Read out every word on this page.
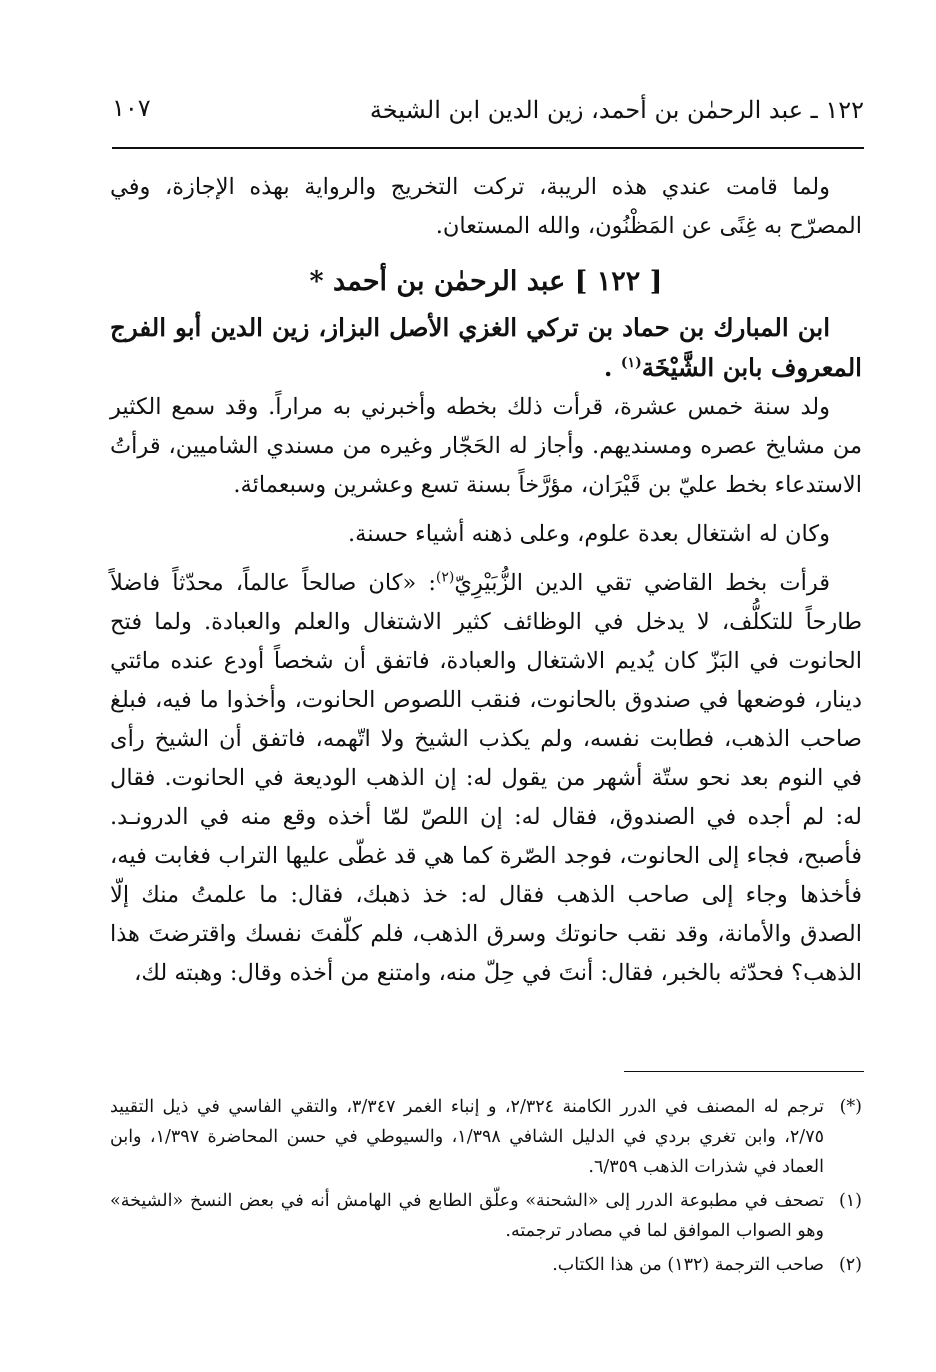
١٢٢ ـ عبد الرحمٰن بن أحمد، زين الدين ابن الشيخة
١٠٧

ولما قامت عندي هذه الريبة، تركت التخريج والرواية بهذه الإجازة، وفي المصرّح به غِنًى عن المَظْنُون، والله المستعان.

[ ١٢٢ ] عبد الرحمٰن بن أحمد *

ابن المبارك بن حماد بن تركي الغزي الأصل البزاز، زين الدين أبو الفرج المعروف بابن الشَّيْخَة$^{(١)}$ .

ولد سنة خمس عشرة، قرأت ذلك بخطه وأخبرني به مراراً. وقد سمع الكثير من مشايخ عصره ومسنديهم. وأجاز له الحَجّار وغيره من مسندي الشاميين، قرأتُ الاستدعاء بخط عليّ بن قَيْرَان، مؤرَّخاً بسنة تسع وعشرين وسبعمائة.

وكان له اشتغال بعدة علوم، وعلى ذهنه أشياء حسنة.

قرأت بخط القاضي تقي الدين الزُّبَيْرِيّ$^{(٢)}$: «كان صالحاً عالماً، محدّثاً فاضلاً طارحاً للتكلُّف، لا يدخل في الوظائف كثير الاشتغال والعلم والعبادة. ولما فتح الحانوت في البَزّ كان يُديم الاشتغال والعبادة، فاتفق أن شخصاً أودع عنده مائتي دينار، فوضعها في صندوق بالحانوت، فنقب اللصوص الحانوت، وأخذوا ما فيه، فبلغ صاحب الذهب، فطابت نفسه، ولم يكذب الشيخ ولا اتّهمه، فاتفق أن الشيخ رأى في النوم بعد نحو ستّة أشهر من يقول له: إن الذهب الوديعة في الحانوت. فقال له: لم أجده في الصندوق، فقال له: إن اللصّ لمّا أخذه وقع منه في الدرونـد. فأصبح، فجاء إلى الحانوت، فوجد الصّرة كما هي قد غطّى عليها التراب فغابت فيه، فأخذها وجاء إلى صاحب الذهب فقال له: خذ ذهبك، فقال: ما علمتُ منك إلّا الصدق والأمانة، وقد نقب حانوتك وسرق الذهب، فلم كلّفتَ نفسك واقترضتَ هذا الذهب؟ فحدّثه بالخبر، فقال: أنتَ في حِلّ منه، وامتنع من أخذه وقال: وهبته لك،

(*)
ترجم له المصنف في الدرر الكامنة ٢/٣٢٤، و إنباء الغمر ٣/٣٤٧، والتقي الفاسي في ذيل التقييد ٢/٧٥، وابن تغري بردي في الدليل الشافي ١/٣٩٨، والسيوطي في حسن المحاضرة ١/٣٩٧، وابن العماد في شذرات الذهب ٦/٣٥٩.
(١)
تصحف في مطبوعة الدرر إلى «الشحنة» وعلّق الطابع في الهامش أنه في بعض النسخ «الشيخة» وهو الصواب الموافق لما في مصادر ترجمته.
(٢)
صاحب الترجمة (١٣٢) من هذا الكتاب.
